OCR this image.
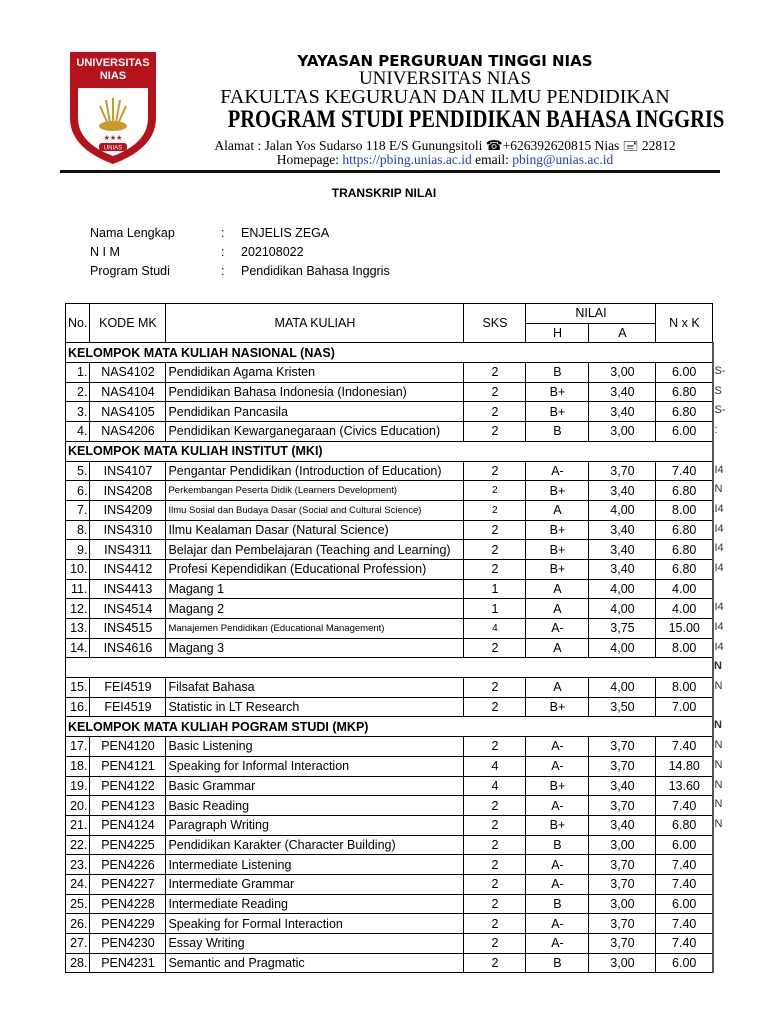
UNIVERSITAS
NIAS
★★★
UNIAS
YAYASAN PERGURUAN TINGGI NIAS
UNIVERSITAS NIAS
FAKULTAS KEGURUAN DAN ILMU PENDIDIKAN
PROGRAM STUDI PENDIDIKAN BAHASA INGGRIS
Alamat : Jalan Yos Sudarso 118 E/S Gunungsitoli ☎+626392620815 Nias 🖃 22812
Homepage: https://pbing.unias.ac.id email: pbing@unias.ac.id
TRANSKRIP NILAI
Nama Lengkap	: ENJELIS ZEGA
N I M	: 202108022
Program Studi	: Pendidikan Bahasa Inggris
No.	KODE MK	MATA KULIAH	SKS	NILAI		N x K
				H	A	
KELOMPOK MATA KULIAH NASIONAL (NAS)						
1.	NAS4102	Pendidikan Agama Kristen	2	B	3,00	6.00 S-

2.	NAS4104	Pendidikan Bahasa Indonesia (Indonesian)	2	B+	3,40	6.80 S

3.	NAS4105	Pendidikan Pancasila	2	B+	3,40	6.80 S-

4.	NAS4206	Pendidikan Kewarganegaraan (Civics Education)	2	B	3,00	6.00 :

KELOMPOK MATA KULIAH INSTITUT (MKI)						
5.	INS4107	Pengantar Pendidikan (Introduction of Education)	2	A-	3,70	7.40 I4

6.	INS4208	Perkembangan Peserta Didik (Learners Development)	2	B+	3,40	6.80 N

7.	INS4209	Ilmu Sosial dan Budaya Dasar (Social and Cultural Science)	2	A	4,00	8.00 I4

8.	INS4310	Ilmu Kealaman Dasar (Natural Science)	2	B+	3,40	6.80 I4

9.	INS4311	Belajar dan Pembelajaran (Teaching and Learning)	2	B+	3,40	6.80 I4

10.	INS4412	Profesi Kependidikan (Educational Profession)	2	B+	3,40	6.80 I4

11.	INS4413	Magang 1	1	A	4,00	4.00
12.	INS4514	Magang 2	1	A	4,00	4.00 I4

13.	INS4515	Manajemen Pendidikan (Educational Management)	4	A-	3,75	15.00 I4

14.	INS4616	Magang 3	2	A	4,00	8.00 I4

N						

15.	FEI4519	Filsafat Bahasa	2	A	4,00	8.00 N

16.	FEI4519	Statistic in LT Research	2	B+	3,50	7.00
KELOMPOK MATA KULIAH POGRAM STUDI (MKP) N						

17.	PEN4120	Basic Listening	2	A-	3,70	7.40 N

18.	PEN4121	Speaking for Informal Interaction	4	A-	3,70	14.80 N

19.	PEN4122	Basic Grammar	4	B+	3,40	13.60 N

20.	PEN4123	Basic Reading	2	A-	3,70	7.40 N

21.	PEN4124	Paragraph Writing	2	B+	3,40	6.80 N

22.	PEN4225	Pendidikan Karakter (Character Building)	2	B	3,00	6.00
23.	PEN4226	Intermediate Listening	2	A-	3,70	7.40
24.	PEN4227	Intermediate Grammar	2	A-	3,70	7.40
25.	PEN4228	Intermediate Reading	2	B	3,00	6.00
26.	PEN4229	Speaking for Formal Interaction	2	A-	3,70	7.40
27.	PEN4230	Essay Writing	2	A-	3,70	7.40
28.	PEN4231	Semantic and Pragmatic	2	B	3,00	6.00
